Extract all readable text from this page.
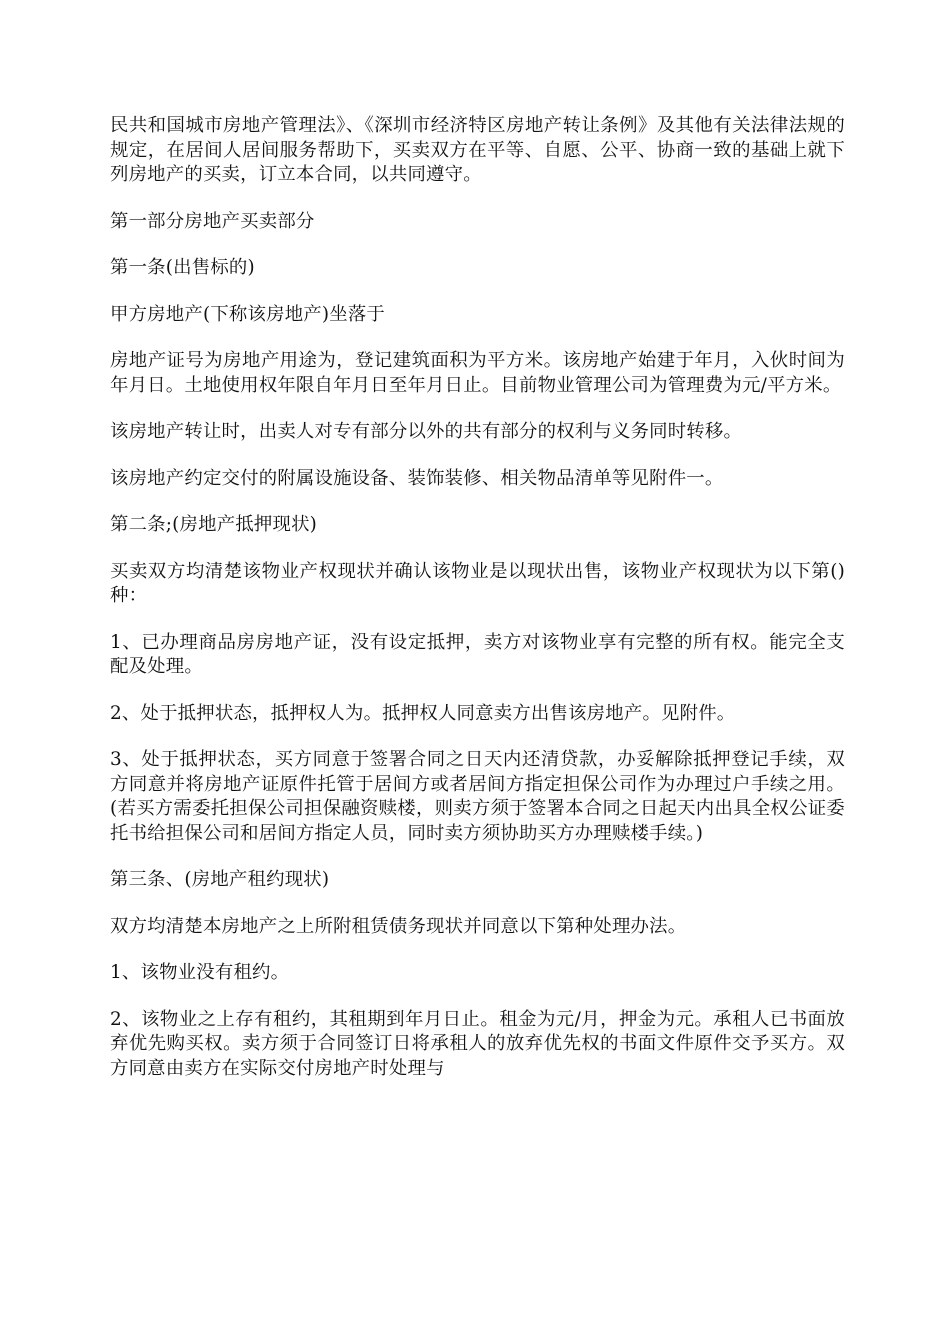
民共和国城市房地产管理法》、《深圳市经济特区房地产转让条例》及其他有关法律法规的规定，在居间人居间服务帮助下，买卖双方在平等、自愿、公平、协商一致的基础上就下列房地产的买卖，订立本合同，以共同遵守。

第一部分房地产买卖部分

第一条(出售标的)

甲方房地产(下称该房地产)坐落于

房地产证号为房地产用途为，登记建筑面积为平方米。该房地产始建于年月，入伙时间为年月日。土地使用权年限自年月日至年月日止。目前物业管理公司为管理费为元/平方米。

该房地产转让时，出卖人对专有部分以外的共有部分的权利与义务同时转移。

该房地产约定交付的附属设施设备、装饰装修、相关物品清单等见附件一。

第二条;(房地产抵押现状)

买卖双方均清楚该物业产权现状并确认该物业是以现状出售，该物业产权现状为以下第()种：

1、已办理商品房房地产证，没有设定抵押，卖方对该物业享有完整的所有权。能完全支配及处理。

2、处于抵押状态，抵押权人为。抵押权人同意卖方出售该房地产。见附件。

3、处于抵押状态，买方同意于签署合同之日天内还清贷款，办妥解除抵押登记手续，双方同意并将房地产证原件托管于居间方或者居间方指定担保公司作为办理过户手续之用。(若买方需委托担保公司担保融资赎楼，则卖方须于签署本合同之日起天内出具全权公证委托书给担保公司和居间方指定人员，同时卖方须协助买方办理赎楼手续。)

第三条、(房地产租约现状)

双方均清楚本房地产之上所附租赁债务现状并同意以下第种处理办法。

1、该物业没有租约。

2、该物业之上存有租约，其租期到年月日止。租金为元/月，押金为元。承租人已书面放弃优先购买权。卖方须于合同签订日将承租人的放弃优先权的书面文件原件交予买方。双方同意由卖方在实际交付房地产时处理与
